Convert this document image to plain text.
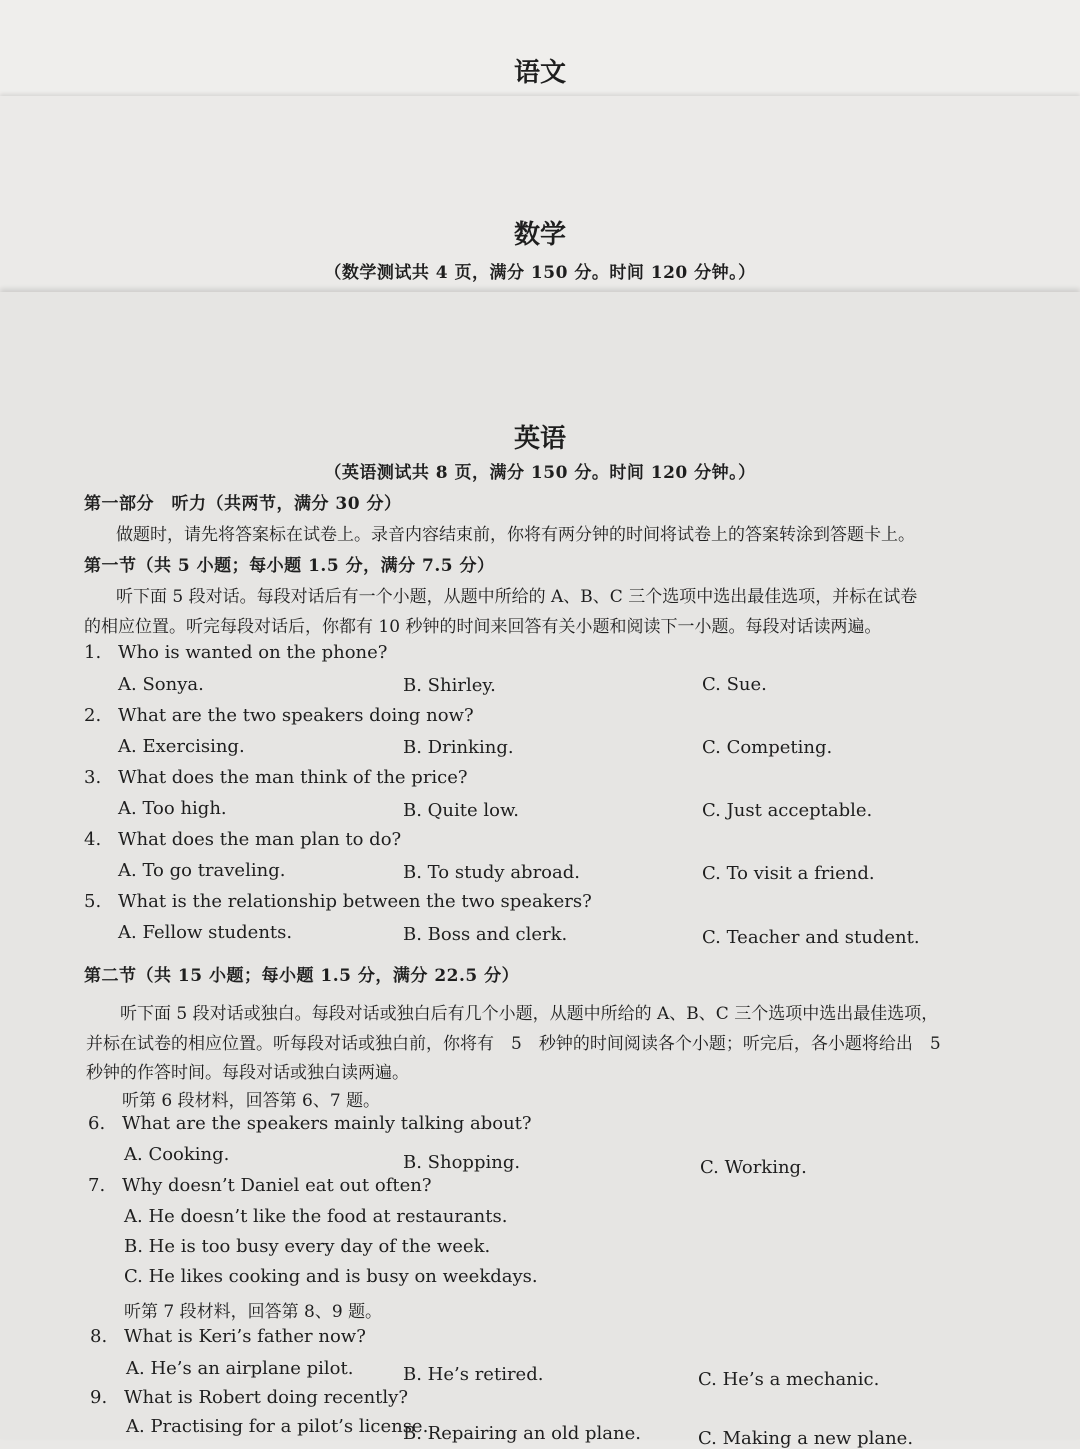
语文
数学
（数学测试共 4 页，满分 150 分。时间 120 分钟。）
英语
（英语测试共 8 页，满分 150 分。时间 120 分钟。）
第一部分　听力（共两节，满分 30 分）
做题时，请先将答案标在试卷上。录音内容结束前，你将有两分钟的时间将试卷上的答案转涂到答题卡上。
第一节（共 5 小题；每小题 1.5 分，满分 7.5 分）
听下面 5 段对话。每段对话后有一个小题，从题中所给的 A、B、C 三个选项中选出最佳选项，并标在试卷
的相应位置。听完每段对话后，你都有 10 秒钟的时间来回答有关小题和阅读下一小题。每段对话读两遍。
1. Who is wanted on the phone?
A. Sonya.	B. Shirley.	C. Sue.
2. What are the two speakers doing now?
A. Exercising.	B. Drinking.	C. Competing.
3. What does the man think of the price?
A. Too high.	B. Quite low.	C. Just acceptable.
4. What does the man plan to do?
A. To go traveling.	B. To study abroad.	C. To visit a friend.
5. What is the relationship between the two speakers?
A. Fellow students.	B. Boss and clerk.	C. Teacher and student.
第二节（共 15 小题；每小题 1.5 分，满分 22.5 分）
听下面 5 段对话或独白。每段对话或独白后有几个小题，从题中所给的 A、B、C 三个选项中选出最佳选项，
并标在试卷的相应位置。听每段对话或独白前，你将有　5　秒钟的时间阅读各个小题；听完后，各小题将给出　5
秒钟的作答时间。每段对话或独白读两遍。
听第 6 段材料，回答第 6、7 题。
6. What are the speakers mainly talking about?
A. Cooking.	B. Shopping.	C. Working.
7. Why doesn’t Daniel eat out often?
A. He doesn’t like the food at restaurants.
B. He is too busy every day of the week.
C. He likes cooking and is busy on weekdays.
听第 7 段材料，回答第 8、9 题。
8. What is Keri’s father now?
A. He’s an airplane pilot.	B. He’s retired.	C. He’s a mechanic.
9. What is Robert doing recently?
A. Practising for a pilot’s license.
B. Repairing an old plane.	C. Making a new plane.
